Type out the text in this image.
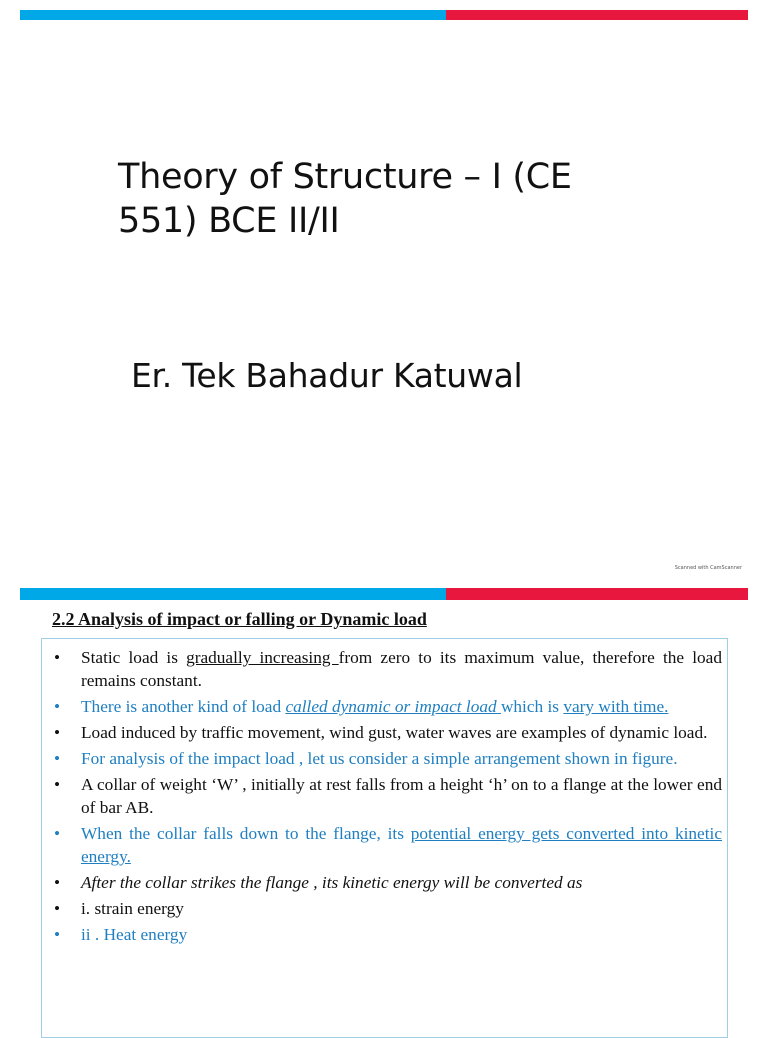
Theory of Structure – I (CE 551) BCE II/II
Er. Tek Bahadur Katuwal
Scanned with CamScanner
2.2 Analysis of impact or falling or Dynamic load
• Static load is gradually increasing from zero to its maximum value, therefore the load remains constant.
• There is another kind of load called dynamic or impact load which is vary with time.
• Load induced by traffic movement, wind gust, water waves are examples of dynamic load.
• For analysis of the impact load , let us consider a simple arrangement shown in figure.
• A collar of weight ‘W’ , initially at rest falls from a height ‘h’ on to a flange at the lower end of bar AB.
• When the collar falls down to the flange, its potential energy gets converted into kinetic energy.
• After the collar strikes the flange , its kinetic energy will be converted as
• i. strain energy
• ii . Heat energy
